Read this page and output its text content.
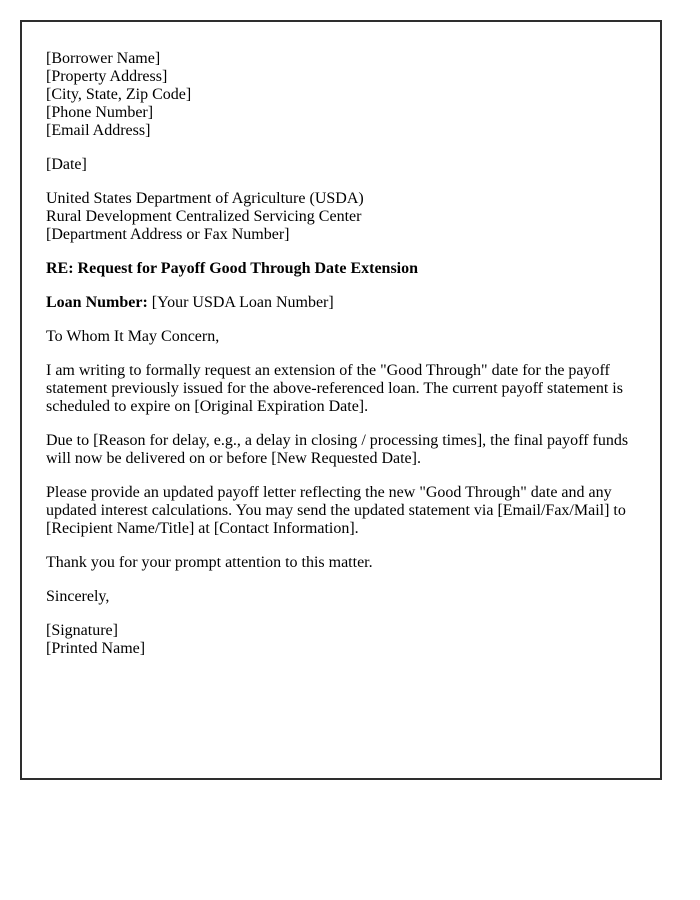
[Borrower Name]
[Property Address]
[City, State, Zip Code]
[Phone Number]
[Email Address]

[Date]

United States Department of Agriculture (USDA)
Rural Development Centralized Servicing Center
[Department Address or Fax Number]

RE: Request for Payoff Good Through Date Extension

Loan Number: [Your USDA Loan Number]

To Whom It May Concern,

I am writing to formally request an extension of the "Good Through" date for the payoff statement previously issued for the above-referenced loan. The current payoff statement is scheduled to expire on [Original Expiration Date].

Due to [Reason for delay, e.g., a delay in closing / processing times], the final payoff funds will now be delivered on or before [New Requested Date].

Please provide an updated payoff letter reflecting the new "Good Through" date and any updated interest calculations. You may send the updated statement via [Email/Fax/Mail] to [Recipient Name/Title] at [Contact Information].

Thank you for your prompt attention to this matter.

Sincerely,

[Signature]
[Printed Name]
